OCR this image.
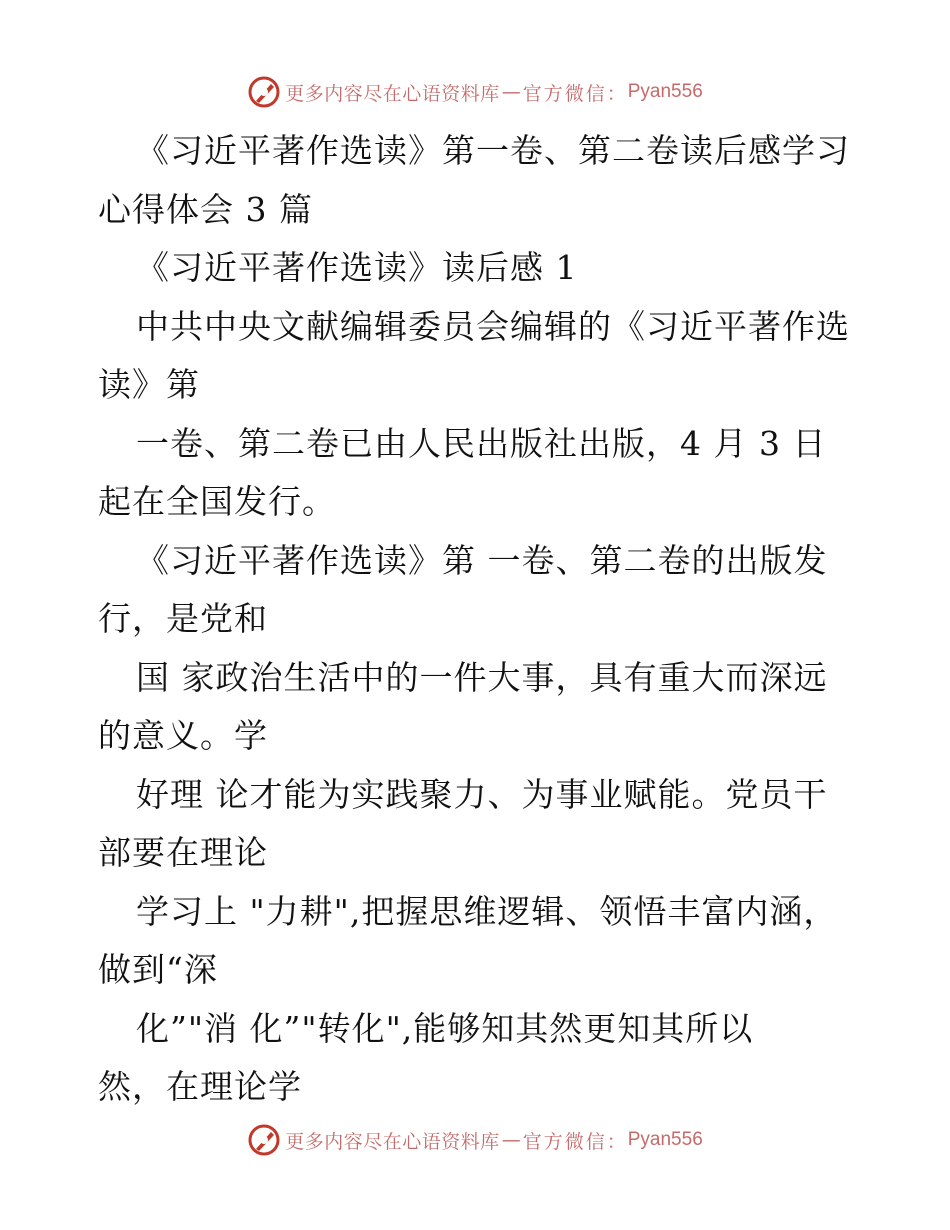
更多内容尽在心语资料库 — 官方微信： Pyan556
《习近平著作选读》第一卷、第二卷读后感学习
心得体会 3 篇
《习近平著作选读》读后感 1
中共中央文献编辑委员会编辑的《习近平著作选
读》第
一卷、第二卷已由人民出版社出版，4 月 3 日
起在全国发行。
《习近平著作选读》第 一卷、第二卷的出版发
行，是党和
国 家政治生活中的一件大事，具有重大而深远
的意义。学
好理 论才能为实践聚力、为事业赋能。党员干
部要在理论
学习上 "力耕",把握思维逻辑、领悟丰富内涵，
做到“深
化”"消 化”"转化",能够知其然更知其所以
然，在理论学
更多内容尽在心语资料库 — 官方微信： Pyan556
